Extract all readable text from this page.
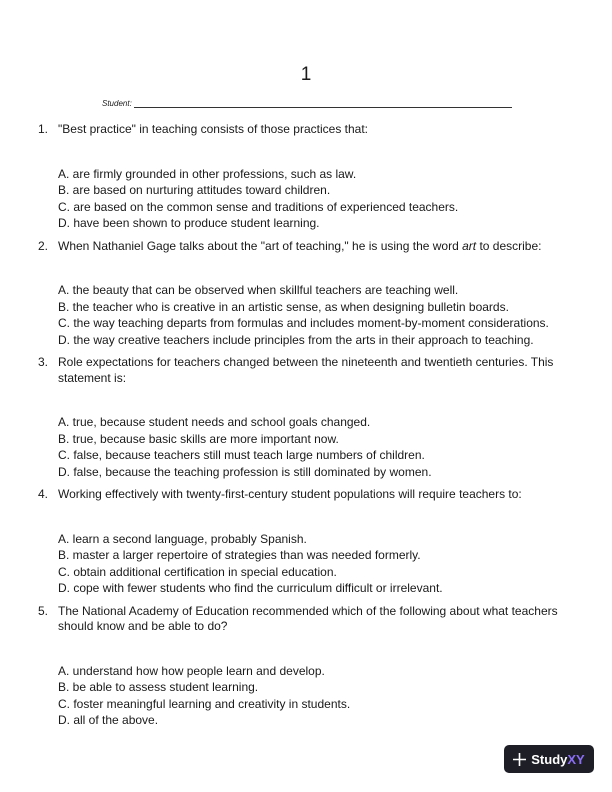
1
Student:
1. "Best practice" in teaching consists of those practices that:
A. are firmly grounded in other professions, such as law.
B. are based on nurturing attitudes toward children.
C. are based on the common sense and traditions of experienced teachers.
D. have been shown to produce student learning.
2. When Nathaniel Gage talks about the "art of teaching," he is using the word art to describe:
A. the beauty that can be observed when skillful teachers are teaching well.
B. the teacher who is creative in an artistic sense, as when designing bulletin boards.
C. the way teaching departs from formulas and includes moment-by-moment considerations.
D. the way creative teachers include principles from the arts in their approach to teaching.
3. Role expectations for teachers changed between the nineteenth and twentieth centuries. This statement is:
A. true, because student needs and school goals changed.
B. true, because basic skills are more important now.
C. false, because teachers still must teach large numbers of children.
D. false, because the teaching profession is still dominated by women.
4. Working effectively with twenty-first-century student populations will require teachers to:
A. learn a second language, probably Spanish.
B. master a larger repertoire of strategies than was needed formerly.
C. obtain additional certification in special education.
D. cope with fewer students who find the curriculum difficult or irrelevant.
5. The National Academy of Education recommended which of the following about what teachers should know and be able to do?
A. understand how how people learn and develop.
B. be able to assess student learning.
C. foster meaningful learning and creativity in students.
D. all of the above.
Study XY
